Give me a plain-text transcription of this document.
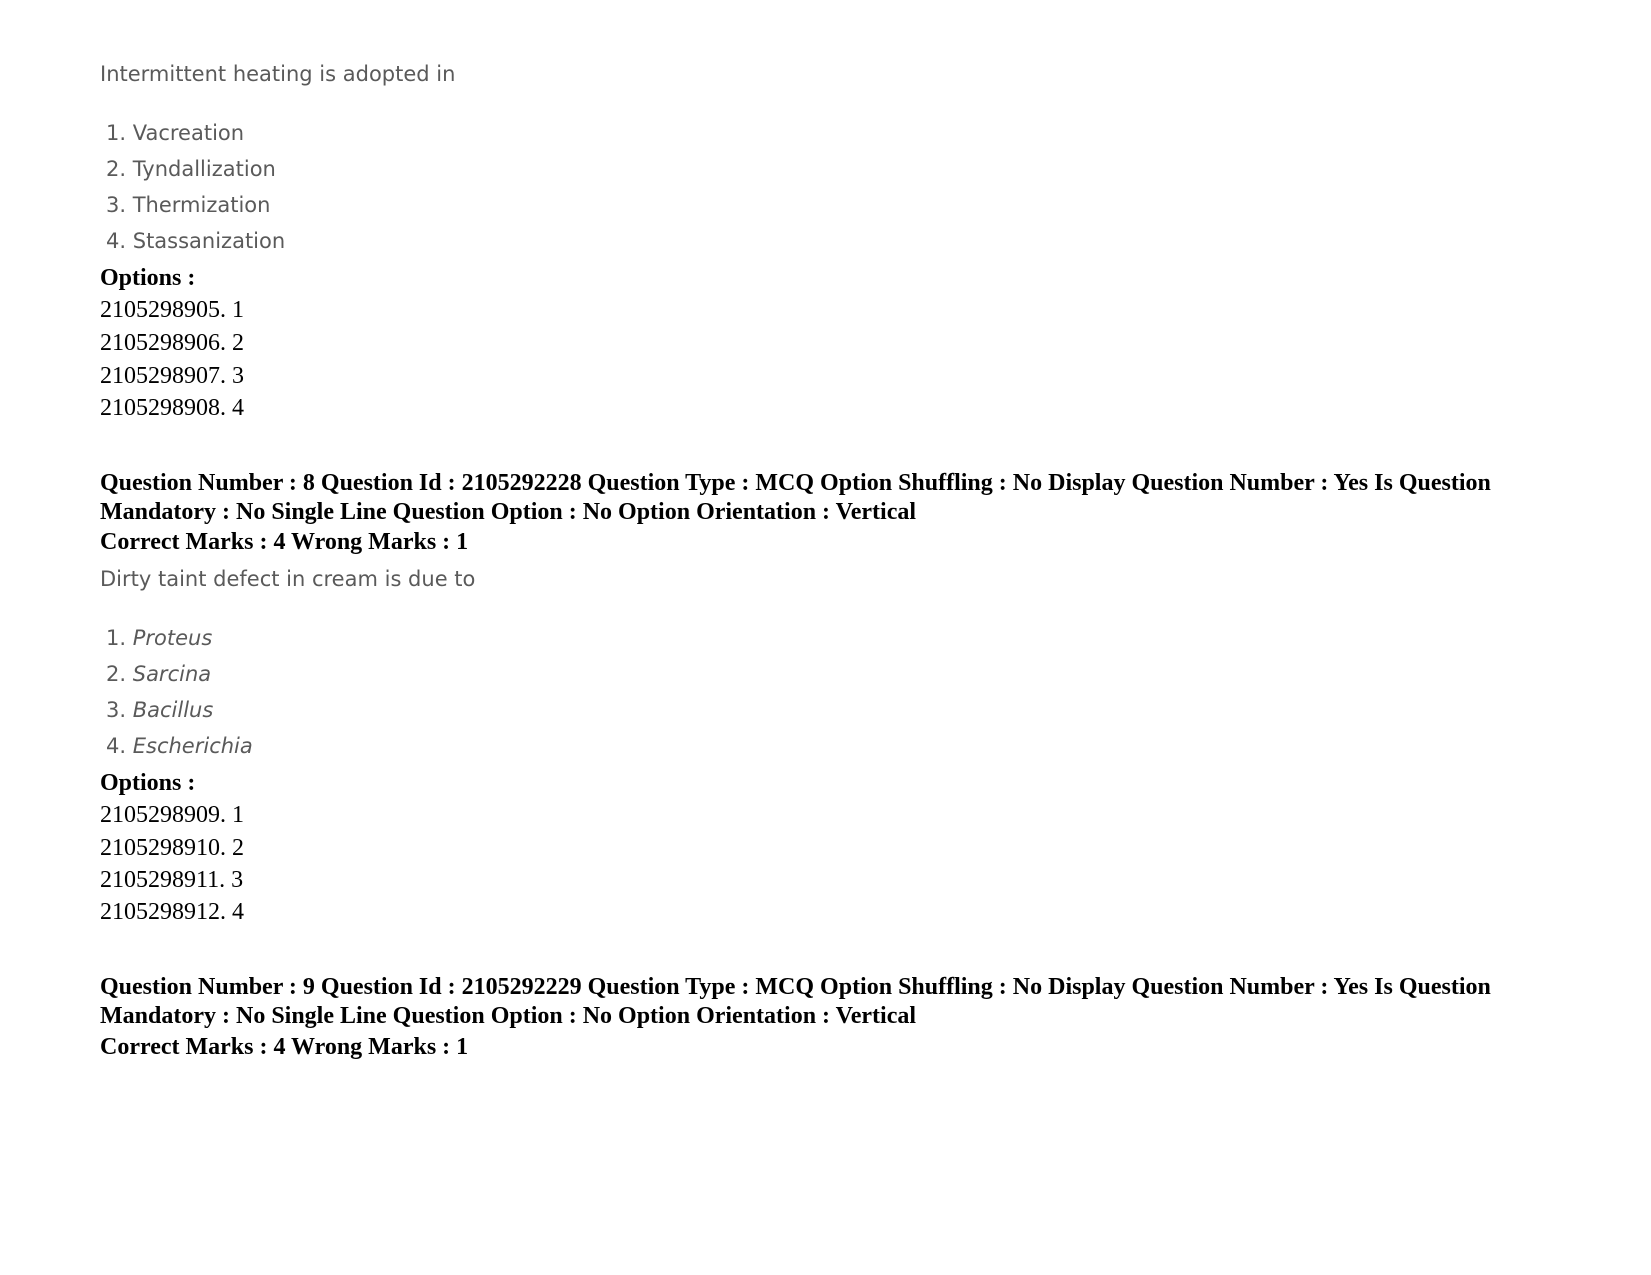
Intermittent heating is adopted in
1. Vacreation
2. Tyndallization
3. Thermization
4. Stassanization
Options :
2105298905. 1
2105298906. 2
2105298907. 3
2105298908. 4
Question Number : 8 Question Id : 2105292228 Question Type : MCQ Option Shuffling : No Display Question Number : Yes Is Question Mandatory : No Single Line Question Option : No Option Orientation : Vertical
Correct Marks : 4 Wrong Marks : 1
Dirty taint defect in cream is due to
1. Proteus
2. Sarcina
3. Bacillus
4. Escherichia
Options :
2105298909. 1
2105298910. 2
2105298911. 3
2105298912. 4
Question Number : 9 Question Id : 2105292229 Question Type : MCQ Option Shuffling : No Display Question Number : Yes Is Question Mandatory : No Single Line Question Option : No Option Orientation : Vertical
Correct Marks : 4 Wrong Marks : 1
